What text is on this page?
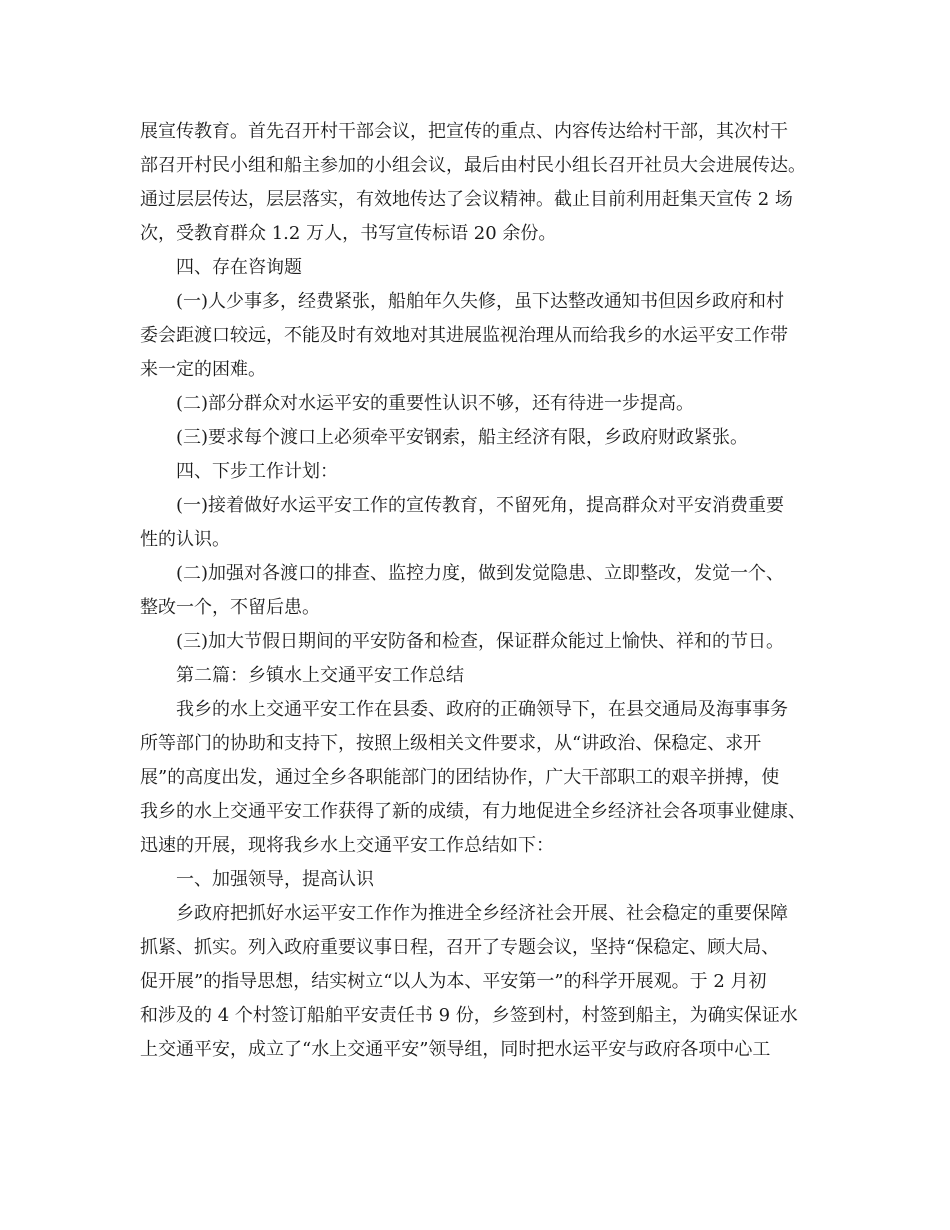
展宣传教育。首先召开村干部会议，把宣传的重点、内容传达给村干部，其次村干
部召开村民小组和船主参加的小组会议，最后由村民小组长召开社员大会进展传达。
通过层层传达，层层落实，有效地传达了会议精神。截止目前利用赶集天宣传 2 场
次，受教育群众 1.2 万人，书写宣传标语 20 余份。
四、存在咨询题
(一)人少事多，经费紧张，船舶年久失修，虽下达整改通知书但因乡政府和村
委会距渡口较远，不能及时有效地对其进展监视治理从而给我乡的水运平安工作带
来一定的困难。
(二)部分群众对水运平安的重要性认识不够，还有待进一步提高。
(三)要求每个渡口上必须牵平安钢索，船主经济有限，乡政府财政紧张。
四、下步工作计划：
(一)接着做好水运平安工作的宣传教育，不留死角，提高群众对平安消费重要
性的认识。
(二)加强对各渡口的排查、监控力度，做到发觉隐患、立即整改，发觉一个、
整改一个，不留后患。
(三)加大节假日期间的平安防备和检查，保证群众能过上愉快、祥和的节日。
第二篇：乡镇水上交通平安工作总结
我乡的水上交通平安工作在县委、政府的正确领导下，在县交通局及海事事务
所等部门的协助和支持下，按照上级相关文件要求，从“讲政治、保稳定、求开
展”的高度出发，通过全乡各职能部门的团结协作，广大干部职工的艰辛拼搏，使
我乡的水上交通平安工作获得了新的成绩，有力地促进全乡经济社会各项事业健康、
迅速的开展，现将我乡水上交通平安工作总结如下：
一、加强领导，提高认识
乡政府把抓好水运平安工作作为推进全乡经济社会开展、社会稳定的重要保障
抓紧、抓实。列入政府重要议事日程，召开了专题会议，坚持“保稳定、顾大局、
促开展”的指导思想，结实树立“以人为本、平安第一”的科学开展观。于 2 月初
和涉及的 4 个村签订船舶平安责任书 9 份，乡签到村，村签到船主，为确实保证水
上交通平安，成立了“水上交通平安”领导组，同时把水运平安与政府各项中心工
